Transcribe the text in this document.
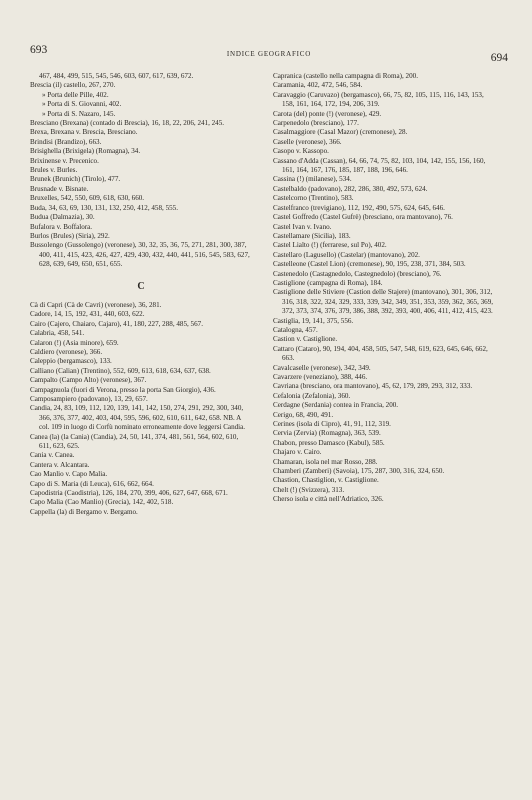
693	INDICE GEOGRAFICO	694
467, 484, 499, 515, 545, 546, 603, 607, 617, 639, 672.
Brescia (il) castello, 267, 270.
» Porta delle Pille, 402.
» Porta di S. Giovanni, 402.
» Porta di S. Nazaro, 145.
Bresciano (Brexana) (contado di Brescia), 16, 18, 22, 206, 241, 245.
Brexa, Brexana v. Brescia, Bresciano.
Brindisi (Brandizo), 663.
Brisighella (Brixigela) (Romagna), 34.
Brixinense v. Precenico.
Brules v. Burles.
Brunek (Brunich) (Tirolo), 477.
Brusnade v. Bisnate.
Bruxelles, 542, 550, 609, 618, 630, 660.
Buda, 34, 63, 69, 130, 131, 132, 250, 412, 458, 555.
Budua (Dalmazia), 30.
Bufalora v. Boffalora.
Burlos (Brules) (Siria), 292.
Bussolengo (Gussolengo) (veronese), 30, 32, 35, 36, 75, 271, 281, 300, 387, 400, 411, 415, 423, 426, 427, 429, 430, 432, 440, 441, 516, 545, 583, 627, 628, 639, 649, 650, 651, 655.
C
Cà di Capri (Cà de Cavri) (veronese), 36, 281.
Cadore, 14, 15, 192, 431, 440, 603, 622.
Cairo (Cajero, Chaiaro, Cajaro), 41, 180, 227, 288, 485, 567.
Calabria, 458, 541.
Calaron (!) (Asia minore), 659.
Caldiero (veronese), 366.
Caleppio (bergamasco), 133.
Calliano (Calian) (Trentino), 552, 609, 613, 618, 634, 637, 638.
Campalto (Campo Alto) (veronese), 367.
Campagnuola (fuori di Verona, presso la porta San Giorgio), 436.
Camposampiero (padovano), 13, 29, 657.
Candia, 24, 83, 109, 112, 120, 139, 141, 142, 150, 274, 291, 292, 300, 340, 366, 376, 377, 402, 403, 404, 595, 596, 602, 610, 611, 642, 658. NB. A col. 109 in luogo di Corfù nominato erroneamente dove leggersi Candia.
Canea (la) (la Cania) (Candia), 24, 50, 141, 374, 481, 561, 564, 602, 610, 611, 623, 625.
Cania v. Canea.
Cantera v. Alcantara.
Cao Manlio v. Capo Malia.
Capo di S. Maria (di Leuca), 616, 662, 664.
Capodistria (Caodistria), 126, 184, 270, 399, 406, 627, 647, 668, 671.
Capo Malia (Cao Manlio) (Grecia), 142, 402, 518.
Cappella (la) di Bergamo v. Bergamo.
Capranica (castello nella campagna di Roma), 200.
Caramania, 402, 472, 546, 584.
Caravaggio (Caruvazo) (bergamasco), 66, 75, 82, 105, 115, 116, 143, 153, 158, 161, 164, 172, 194, 206, 319.
Carota (del) ponte (!) (veronese), 429.
Carpenedolo (bresciano), 177.
Casalmaggiore (Casal Mazor) (cremonese), 28.
Caselle (veronese), 366.
Casopo v. Kassopo.
Cassano d'Adda (Cassan), 64, 66, 74, 75, 82, 103, 104, 142, 155, 156, 160, 161, 164, 167, 176, 185, 187, 188, 196, 646.
Cassina (!) (milanese), 534.
Castelbaldo (padovano), 282, 286, 380, 492, 573, 624.
Castelcorno (Trentino), 583.
Castelfranco (trevigiano), 112, 192, 490, 575, 624, 645, 646.
Castel Goffredo (Castel Gufrè) (bresciano, ora mantovano), 76.
Castel Ivan v. Ivano.
Castellamare (Sicilia), 183.
Castel Lialto (!) (ferrarese, sul Po), 402.
Castellaro (Lagusello) (Castelar) (mantovano), 202.
Castelleone (Castel Lion) (cremonese), 90, 195, 238, 371, 384, 503.
Castenedolo (Castagnedolo, Castegnedolo) (bresciano), 76.
Castiglione (campagna di Roma), 184.
Castiglione delle Stiviere (Castion delle Stajere) (mantovano), 301, 306, 312, 316, 318, 322, 324, 329, 333, 339, 342, 349, 351, 353, 359, 362, 365, 369, 372, 373, 374, 376, 379, 386, 388, 392, 393, 400, 406, 411, 412, 415, 423.
Castiglia, 19, 141, 375, 556.
Catalogna, 457.
Castion v. Castiglione.
Cattaro (Cataro), 90, 194, 404, 458, 505, 547, 548, 619, 623, 645, 646, 662, 663.
Cavalcaselle (veronese), 342, 349.
Cavarzere (veneziano), 388, 446.
Cavriana (bresciano, ora mantovano), 45, 62, 179, 289, 293, 312, 333.
Cefalonia (Zefalonia), 360.
Cerdagne (Serdania) contea in Francia, 200.
Cerigo, 68, 490, 491.
Cerines (isola di Cipro), 41, 91, 112, 319.
Cervia (Zervia) (Romagna), 363, 539.
Chabon, presso Damasco (Kabul), 585.
Chajaro v. Cairo.
Chamaran, isola nel mar Rosso, 288.
Chamberi (Zamberi) (Savoia), 175, 287, 300, 316, 324, 650.
Chastion, Chastiglion, v. Castiglione.
Chelt (!) (Svizzera), 313.
Cherso isola e città nell'Adriatico, 326.
